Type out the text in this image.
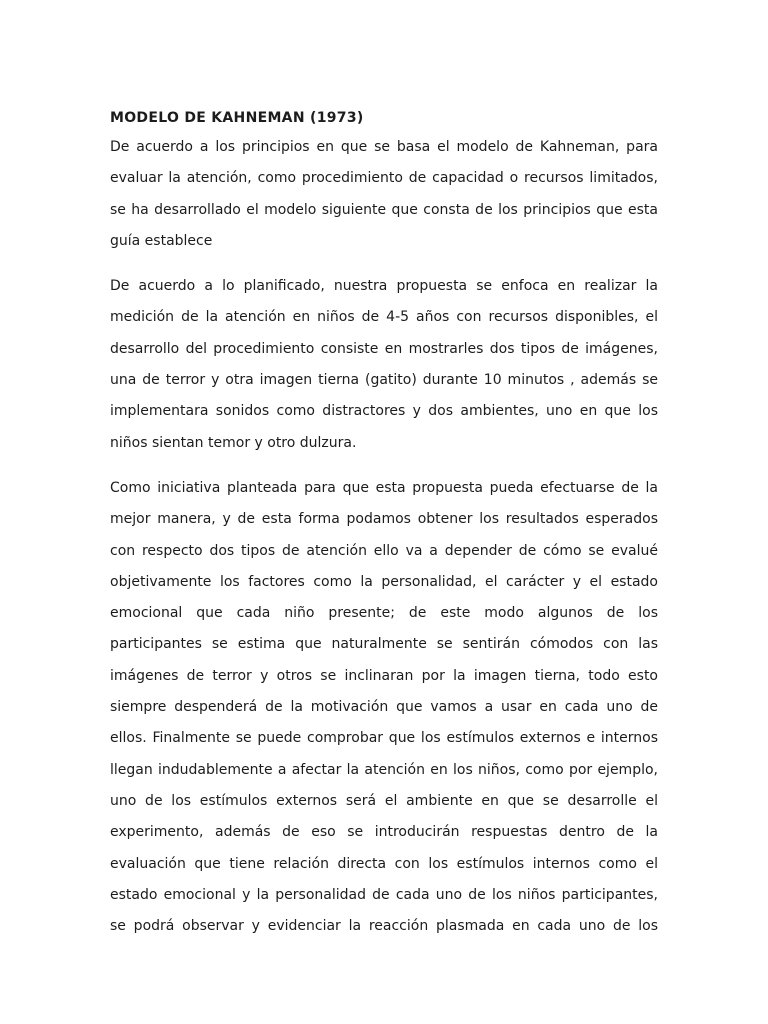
MODELO DE KAHNEMAN (1973)

De acuerdo a los principios en que se basa el modelo de Kahneman, para
evaluar la atención, como procedimiento de capacidad o recursos limitados,
se ha desarrollado el modelo siguiente que consta de los principios que esta
guía establece

De acuerdo a lo planificado, nuestra propuesta se enfoca en realizar la
medición de la atención en niños de 4-5 años con recursos disponibles, el
desarrollo del procedimiento consiste en mostrarles dos tipos de imágenes,
una de terror y otra imagen tierna (gatito) durante 10 minutos , además se
implementara sonidos como distractores y dos ambientes, uno en que los
niños sientan temor y otro dulzura.

Como iniciativa planteada para que esta propuesta pueda efectuarse de la
mejor manera, y de esta forma podamos obtener los resultados esperados
con respecto dos tipos de atención ello va a depender de cómo se evalué
objetivamente los factores como la personalidad, el carácter y el estado
emocional que cada niño presente; de este modo algunos de los
participantes se estima que naturalmente se sentirán cómodos con las
imágenes de terror y otros se inclinaran por la imagen tierna, todo esto
siempre despenderá de la motivación que vamos a usar en cada uno de
ellos. Finalmente se puede comprobar que los estímulos externos e internos
llegan indudablemente a afectar la atención en los niños, como por ejemplo,
uno de los estímulos externos será el ambiente en que se desarrolle el
experimento, además de eso se introducirán respuestas dentro de la
evaluación que tiene relación directa con los estímulos internos como el
estado emocional y la personalidad de cada uno de los niños participantes,
se podrá observar y evidenciar la reacción plasmada en cada uno de los
